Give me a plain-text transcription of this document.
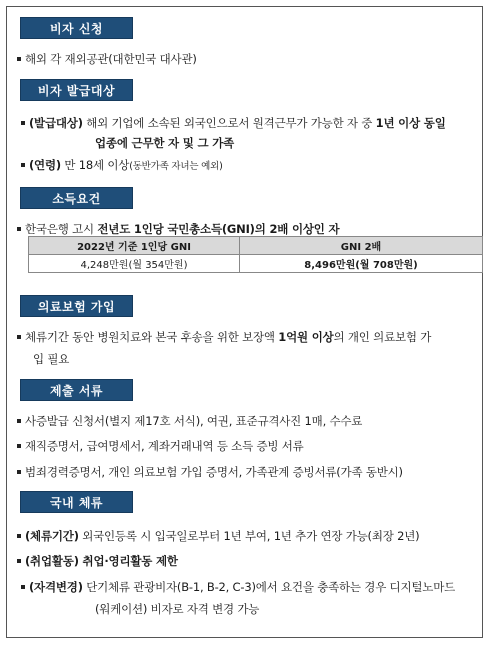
비자 신청
해외 각 재외공관(대한민국 대사관)
비자 발급대상
(발급대상) 해외 기업에 소속된 외국인으로서 원격근무가 가능한 자 중 1년 이상 동일
업종에 근무한 자 및 그 가족
(연령) 만 18세 이상(동반가족 자녀는 예외)
소득요건
한국은행 고시 전년도 1인당 국민총소득(GNI)의 2배 이상인 자
의료보험 가입
체류기간 동안 병원치료와 본국 후송을 위한 보장액 1억원 이상의 개인 의료보험 가
입 필요
제출 서류
사증발급 신청서(별지 제17호 서식), 여권, 표준규격사진 1매, 수수료
재직증명서, 급여명세서, 계좌거래내역 등 소득 증빙 서류
범죄경력증명서, 개인 의료보험 가입 증명서, 가족관계 증빙서류(가족 동반시)
국내 체류
(체류기간) 외국인등록 시 입국일로부터 1년 부여, 1년 추가 연장 가능(최장 2년)
(취업활동) 취업·영리활동 제한
(자격변경) 단기체류 관광비자(B-1, B-2, C-3)에서 요건을 충족하는 경우 디지털노마드
(워케이션) 비자로 자격 변경 가능
2022년 기준 1인당 GNI	GNI 2배
4,248만원(월 354만원)	8,496만원(월 708만원)
